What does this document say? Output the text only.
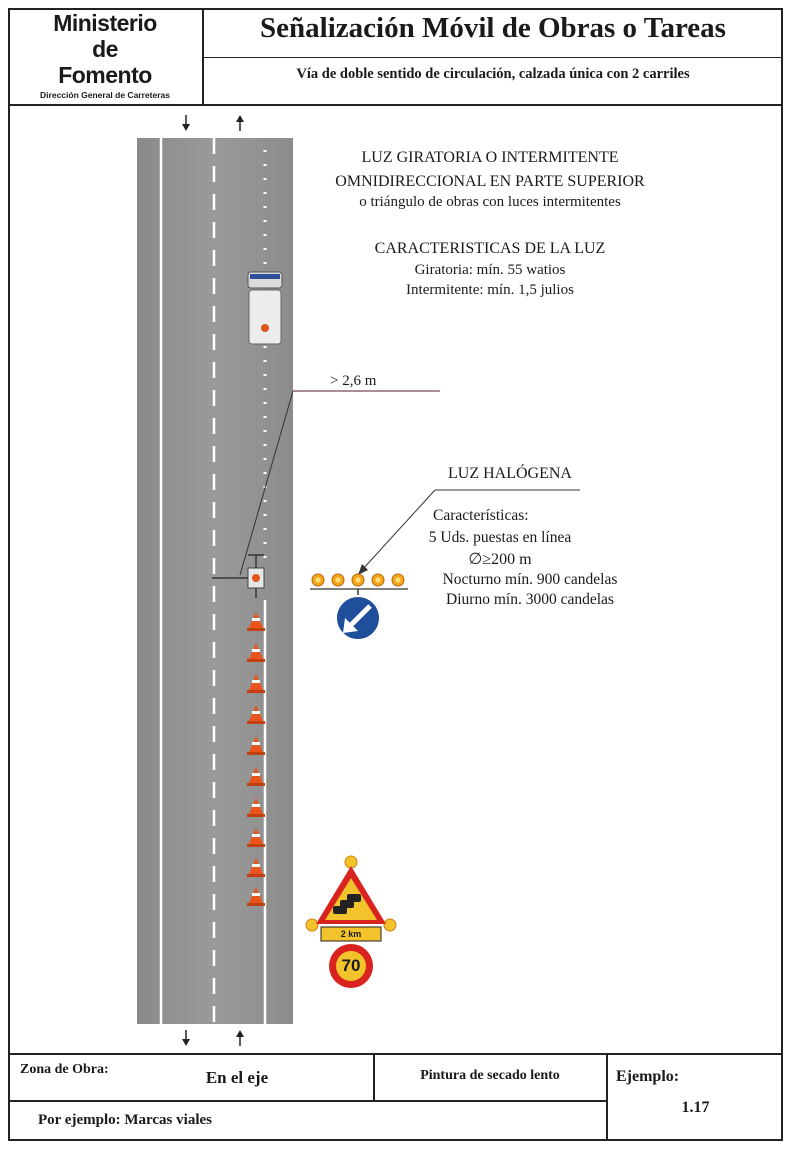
Ministerio
de
Fomento
Dirección General de Carreteras
Señalización Móvil de Obras o Tareas
Vía de doble sentido de circulación, calzada única con 2 carriles
2 km
70
LUZ GIRATORIA O INTERMITENTE
OMNIDIRECCIONAL EN PARTE SUPERIOR
o triángulo de obras con luces intermitentes
CARACTERISTICAS DE LA LUZ
Giratoria: mín. 55 watios
Intermitente: mín. 1,5 julios
> 2,6 m
LUZ HALÓGENA
Características:
5 Uds. puestas en línea
∅≥200 m
Nocturno mín. 900 candelas
Diurno mín. 3000 candelas
Zona de Obra:	En el eje	Pintura de secado lento	Ejemplo:
1.17
Por ejemplo: Marcas viales
